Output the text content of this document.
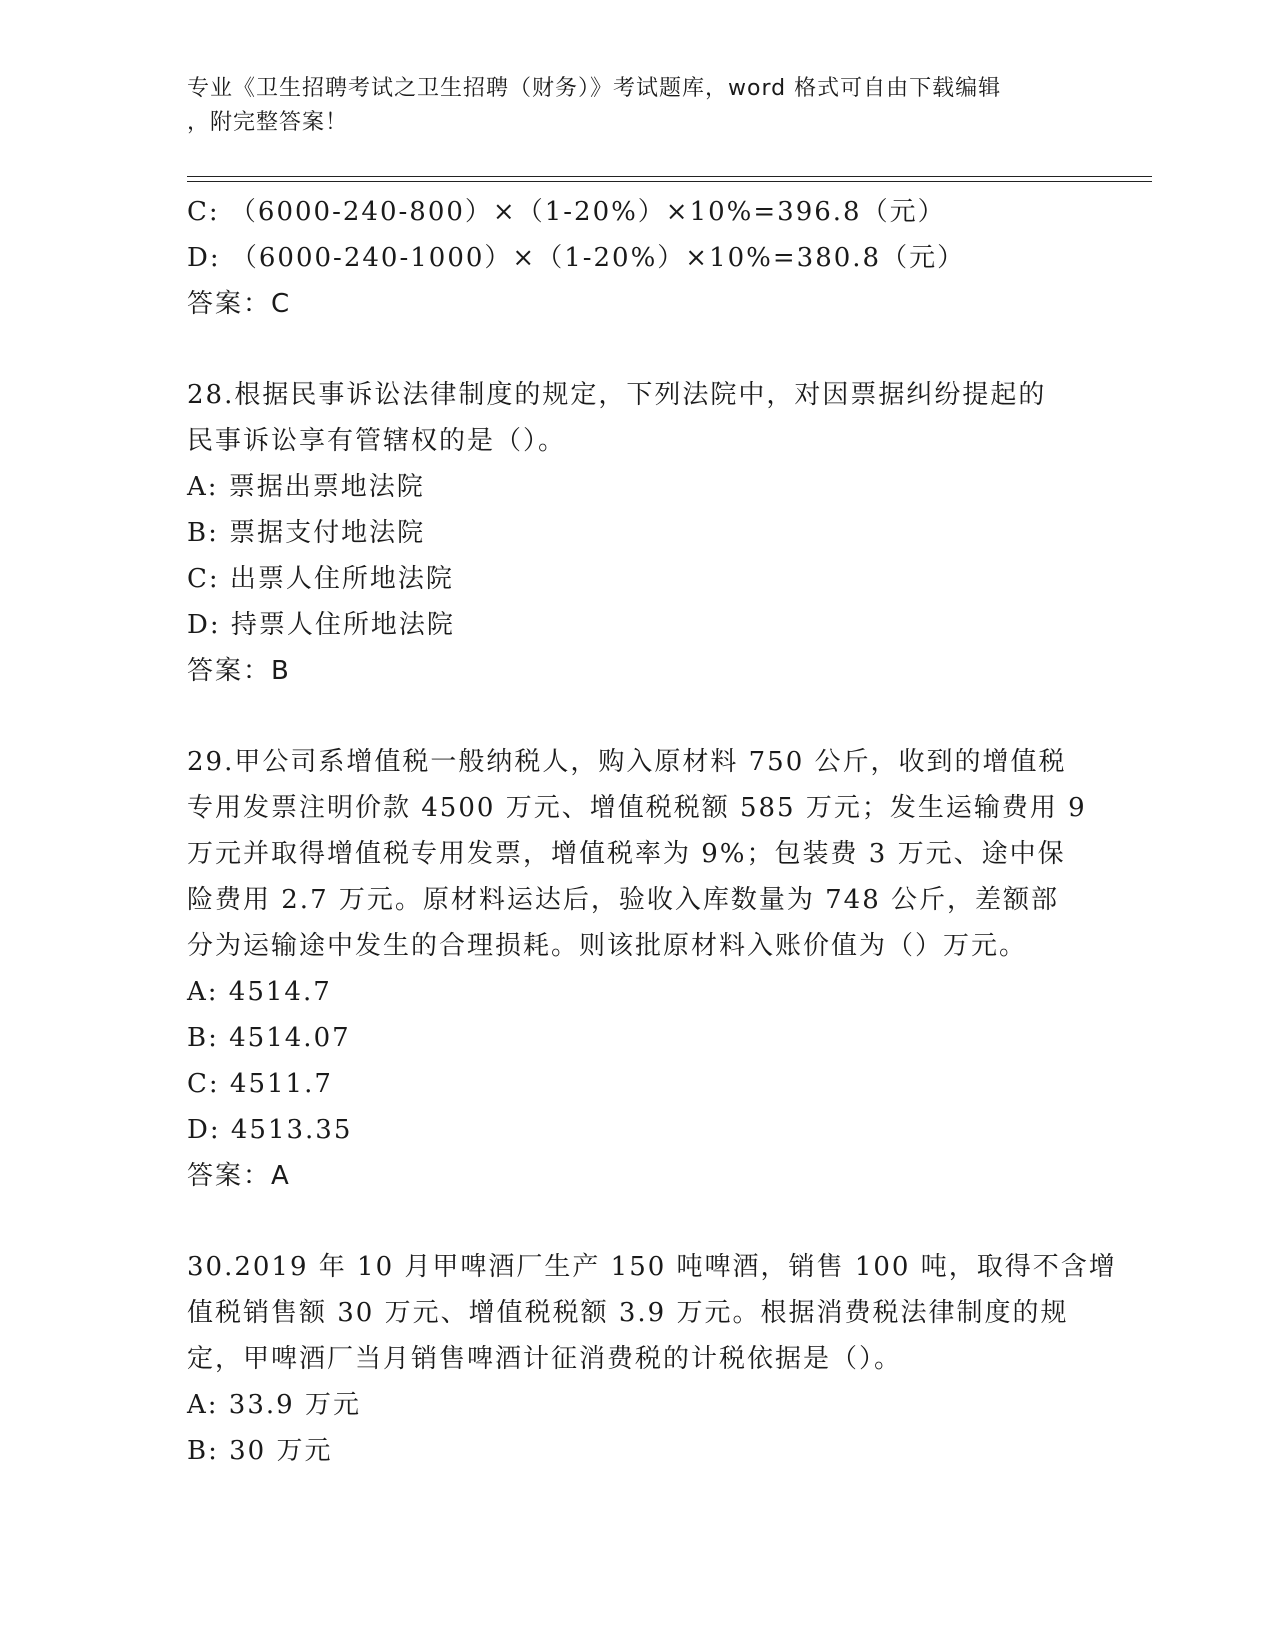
专业《卫生招聘考试之卫生招聘（财务）》考试题库，word 格式可自由下载编辑
，附完整答案！
C: （6000-240-800）×（1-20%）×10%=396.8（元）
D: （6000-240-1000）×（1-20%）×10%=380.8（元）
答案：C
28.根据民事诉讼法律制度的规定，下列法院中，对因票据纠纷提起的
民事诉讼享有管辖权的是（）。
A: 票据出票地法院
B: 票据支付地法院
C: 出票人住所地法院
D: 持票人住所地法院
答案：B
29.甲公司系增值税一般纳税人，购入原材料 750 公斤，收到的增值税
专用发票注明价款 4500 万元、增值税税额 585 万元；发生运输费用 9
万元并取得增值税专用发票，增值税率为 9%；包装费 3 万元、途中保
险费用 2.7 万元。原材料运达后，验收入库数量为 748 公斤，差额部
分为运输途中发生的合理损耗。则该批原材料入账价值为（）万元。
A: 4514.7
B: 4514.07
C: 4511.7
D: 4513.35
答案：A
30.2019 年 10 月甲啤酒厂生产 150 吨啤酒，销售 100 吨，取得不含增
值税销售额 30 万元、增值税税额 3.9 万元。根据消费税法律制度的规
定，甲啤酒厂当月销售啤酒计征消费税的计税依据是（）。
A: 33.9 万元
B: 30 万元
